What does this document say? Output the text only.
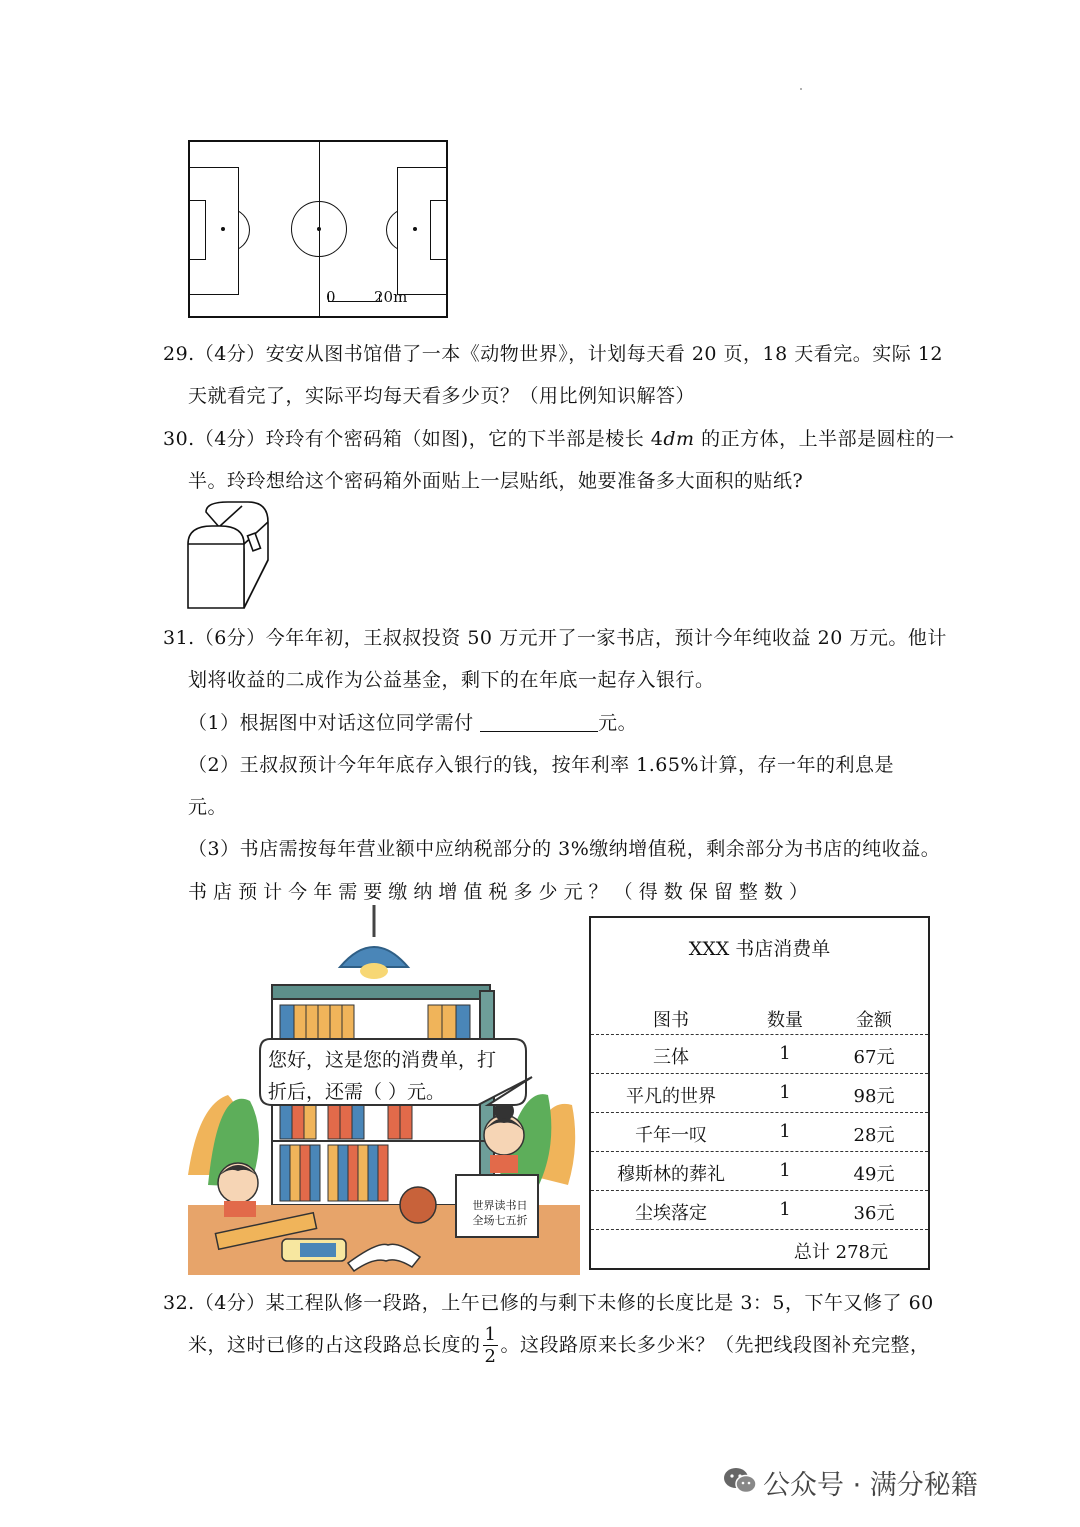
0	20m
29.（4分）安安从图书馆借了一本《动物世界》，计划每天看 20 页，18 天看完。实际 12
天就看完了，实际平均每天看多少页？（用比例知识解答）
30.（4分）玲玲有个密码箱（如图)，它的下半部是棱长 4dm 的正方体，上半部是圆柱的一
半。玲玲想给这个密码箱外面贴上一层贴纸，她要准备多大面积的贴纸?
31.（6分）今年年初，王叔叔投资 50 万元开了一家书店，预计今年纯收益 20 万元。他计
划将收益的二成作为公益基金，剩下的在年底一起存入银行。
（1）根据图中对话这位同学需付	元。
（2）王叔叔预计今年年底存入银行的钱，按年利率 1.65%计算，存一年的利息是
元。
（3）书店需按每年营业额中应纳税部分的 3%缴纳增值税，剩余部分为书店的纯收益。
书 店 预 计 今 年 需 要 缴 纳 增 值 税 多 少 元 ？ （ 得 数 保 留 整 数 ）
您好，这是您的消费单，打
折后，还需（ ）元。
世界读书日
全场七五折
XXX 书店消费单
图书	数量	金额
三体	1	67元
平凡的世界	1	98元
千年一叹	1	28元
穆斯林的葬礼	1	49元
尘埃落定	1	36元
总计 278元
32.（4分）某工程队修一段路，上午已修的与剩下未修的长度比是 3：5，下午又修了 60
米，这时已修的占这段路总长度的 $\frac{1}{2}$ 。这段路原来长多少米？（先把线段图补充完整，
公众号 · 满分秘籍
